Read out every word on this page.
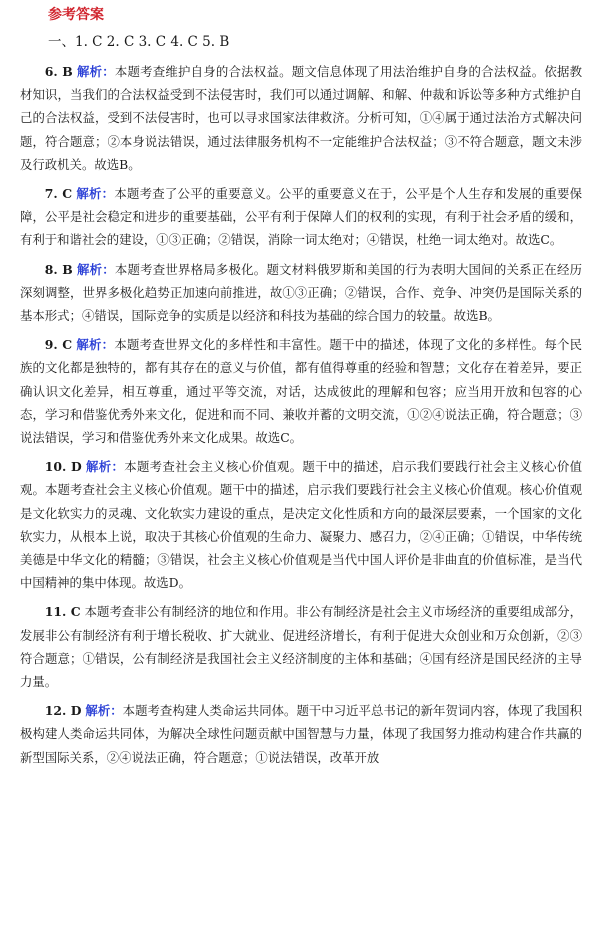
参考答案
一、1. C 2. C 3. C 4. C 5. B

6. B 解析：本题考查维护自身的合法权益。题文信息体现了用法治维护自身的合法权益。依据教材知识，当我们的合法权益受到不法侵害时，我们可以通过调解、和解、仲裁和诉讼等多种方式维护自己的合法权益，受到不法侵害时，也可以寻求国家法律救济。分析可知，①④属于通过法治方式解决问题，符合题意；②本身说法错误，通过法律服务机构不一定能维护合法权益；③不符合题意，题文未涉及行政机关。故选B。

7. C 解析：本题考查了公平的重要意义。公平的重要意义在于，公平是个人生存和发展的重要保障，公平是社会稳定和进步的重要基础，公平有利于保障人们的权利的实现，有利于社会矛盾的缓和，有利于和谐社会的建设，①③正确；②错误，消除一词太绝对；④错误，杜绝一词太绝对。故选C。

8. B 解析：本题考查世界格局多极化。题文材料俄罗斯和美国的行为表明大国间的关系正在经历深刻调整，世界多极化趋势正加速向前推进，故①③正确；②错误，合作、竞争、冲突仍是国际关系的基本形式；④错误，国际竞争的实质是以经济和科技为基础的综合国力的较量。故选B。

9. C 解析：本题考查世界文化的多样性和丰富性。题干中的描述，体现了文化的多样性。每个民族的文化都是独特的，都有其存在的意义与价值，都有值得尊重的经验和智慧；文化存在着差异，要正确认识文化差异，相互尊重，通过平等交流，对话，达成彼此的理解和包容；应当用开放和包容的心态，学习和借鉴优秀外来文化，促进和而不同、兼收并蓄的文明交流，①②④说法正确，符合题意；③说法错误，学习和借鉴优秀外来文化成果。故选C。

10. D 解析：本题考查社会主义核心价值观。题干中的描述，启示我们要践行社会主义核心价值观。本题考查社会主义核心价值观。题干中的描述，启示我们要践行社会主义核心价值观。核心价值观是文化软实力的灵魂、文化软实力建设的重点，是决定文化性质和方向的最深层要素，一个国家的文化软实力，从根本上说，取决于其核心价值观的生命力、凝聚力、感召力，②④正确；①错误，中华传统美德是中华文化的精髓；③错误，社会主义核心价值观是当代中国人评价是非曲直的价值标准，是当代中国精神的集中体现。故选D。

11. C 本题考查非公有制经济的地位和作用。非公有制经济是社会主义市场经济的重要组成部分，发展非公有制经济有利于增长税收、扩大就业、促进经济增长，有利于促进大众创业和万众创新，②③符合题意；①错误，公有制经济是我国社会主义经济制度的主体和基础；④国有经济是国民经济的主导力量。

12. D 解析：本题考查构建人类命运共同体。题干中习近平总书记的新年贺词内容，体现了我国积极构建人类命运共同体，为解决全球性问题贡献中国智慧与力量，体现了我国努力推动构建合作共赢的新型国际关系，②④说法正确，符合题意；①说法错误，改革开放
